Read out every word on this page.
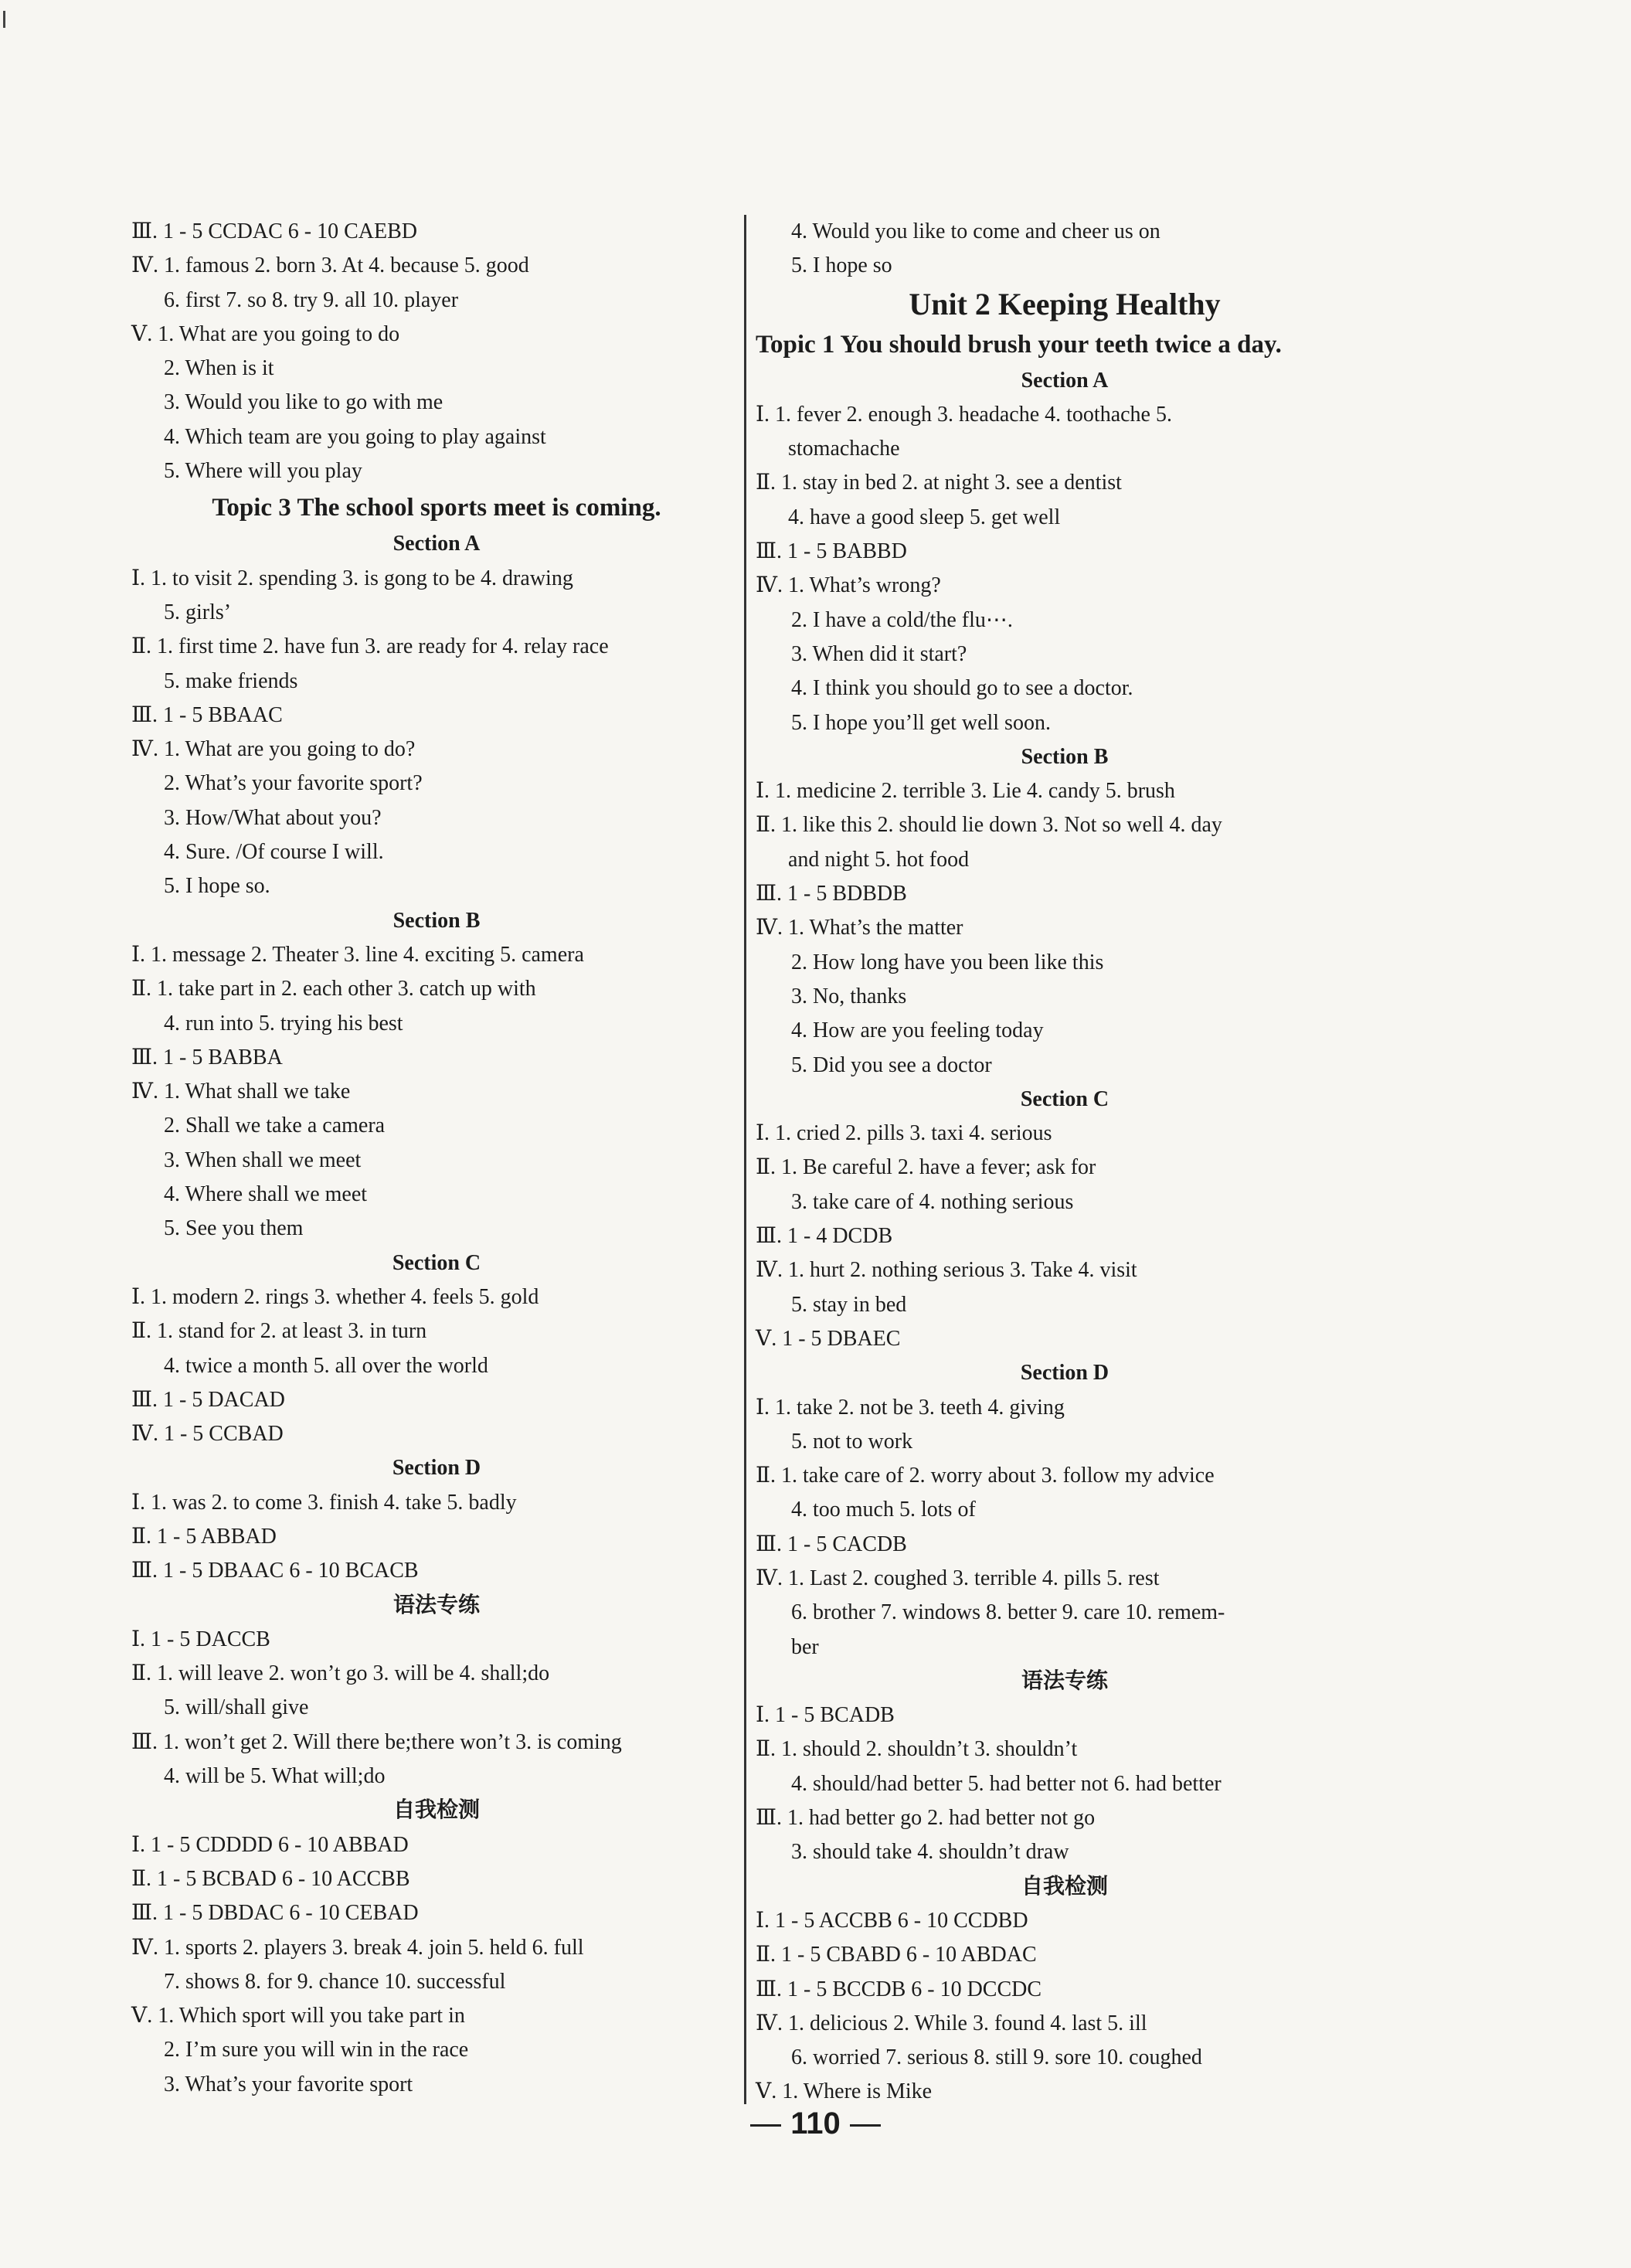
Ⅲ. 1 - 5 CCDAC 6 - 10 CAEBD
Ⅳ. 1. famous 2. born 3. At 4. because 5. good
6. first 7. so 8. try 9. all 10. player
Ⅴ. 1. What are you going to do
2. When is it
3. Would you like to go with me
4. Which team are you going to play against
5. Where will you play
Topic 3 The school sports meet is coming.
Section A
Ⅰ. 1. to visit 2. spending 3. is gong to be 4. drawing
5. girls’
Ⅱ. 1. first time 2. have fun 3. are ready for 4. relay race
5. make friends
Ⅲ. 1 - 5 BBAAC
Ⅳ. 1. What are you going to do?
2. What’s your favorite sport?
3. How/What about you?
4. Sure. /Of course I will.
5. I hope so.
Section B
Ⅰ. 1. message 2. Theater 3. line 4. exciting 5. camera
Ⅱ. 1. take part in 2. each other 3. catch up with
4. run into 5. trying his best
Ⅲ. 1 - 5 BABBA
Ⅳ. 1. What shall we take
2. Shall we take a camera
3. When shall we meet
4. Where shall we meet
5. See you them
Section C
Ⅰ. 1. modern 2. rings 3. whether 4. feels 5. gold
Ⅱ. 1. stand for 2. at least 3. in turn
4. twice a month 5. all over the world
Ⅲ. 1 - 5 DACAD
Ⅳ. 1 - 5 CCBAD
Section D
Ⅰ. 1. was 2. to come 3. finish 4. take 5. badly
Ⅱ. 1 - 5 ABBAD
Ⅲ. 1 - 5 DBAAC 6 - 10 BCACB
语法专练
Ⅰ. 1 - 5 DACCB
Ⅱ. 1. will leave 2. won’t go 3. will be 4. shall;do
5. will/shall give
Ⅲ. 1. won’t get 2. Will there be;there won’t 3. is coming
4. will be 5. What will;do
自我检测
Ⅰ. 1 - 5 CDDDD 6 - 10 ABBAD
Ⅱ. 1 - 5 BCBAD 6 - 10 ACCBB
Ⅲ. 1 - 5 DBDAC 6 - 10 CEBAD
Ⅳ. 1. sports 2. players 3. break 4. join 5. held 6. full
7. shows 8. for 9. chance 10. successful
Ⅴ. 1. Which sport will you take part in
2. I’m sure you will win in the race
3. What’s your favorite sport
4. Would you like to come and cheer us on
5. I hope so
Unit 2 Keeping Healthy
Topic 1 You should brush your teeth twice a day.
Section A
Ⅰ. 1. fever 2. enough 3. headache 4. toothache 5.
stomachache
Ⅱ. 1. stay in bed 2. at night 3. see a dentist
4. have a good sleep 5. get well
Ⅲ. 1 - 5 BABBD
Ⅳ. 1. What’s wrong?
2. I have a cold/the flu⋯.
3. When did it start?
4. I think you should go to see a doctor.
5. I hope you’ll get well soon.
Section B
Ⅰ. 1. medicine 2. terrible 3. Lie 4. candy 5. brush
Ⅱ. 1. like this 2. should lie down 3. Not so well 4. day
and night 5. hot food
Ⅲ. 1 - 5 BDBDB
Ⅳ. 1. What’s the matter
2. How long have you been like this
3. No, thanks
4. How are you feeling today
5. Did you see a doctor
Section C
Ⅰ. 1. cried 2. pills 3. taxi 4. serious
Ⅱ. 1. Be careful 2. have a fever; ask for
3. take care of 4. nothing serious
Ⅲ. 1 - 4 DCDB
Ⅳ. 1. hurt 2. nothing serious 3. Take 4. visit
5. stay in bed
Ⅴ. 1 - 5 DBAEC
Section D
Ⅰ. 1. take 2. not be 3. teeth 4. giving
5. not to work
Ⅱ. 1. take care of 2. worry about 3. follow my advice
4. too much 5. lots of
Ⅲ. 1 - 5 CACDB
Ⅳ. 1. Last 2. coughed 3. terrible 4. pills 5. rest
6. brother 7. windows 8. better 9. care 10. remem-
ber
语法专练
Ⅰ. 1 - 5 BCADB
Ⅱ. 1. should 2. shouldn’t 3. shouldn’t
4. should/had better 5. had better not 6. had better
Ⅲ. 1. had better go 2. had better not go
3. should take 4. shouldn’t draw
自我检测
Ⅰ. 1 - 5 ACCBB 6 - 10 CCDBD
Ⅱ. 1 - 5 CBABD 6 - 10 ABDAC
Ⅲ. 1 - 5 BCCDB 6 - 10 DCCDC
Ⅳ. 1. delicious 2. While 3. found 4. last 5. ill
6. worried 7. serious 8. still 9. sore 10. coughed
Ⅴ. 1. Where is Mike
110
